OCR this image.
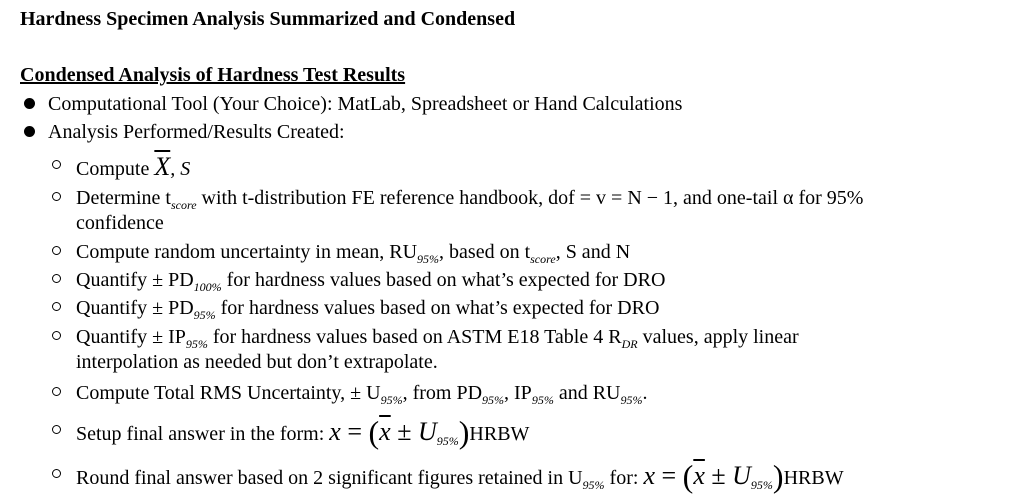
Hardness Specimen Analysis Summarized and Condensed
Condensed Analysis of Hardness Test Results
Computational Tool (Your Choice): MatLab, Spreadsheet or Hand Calculations
Analysis Performed/Results Created:
Compute $\overline{X}$, S
Determine $t_{score}$ with t-distribution FE reference handbook, dof = v = N − 1, and one-tail α for 95%
confidence
Compute random uncertainty in mean, $RU_{95\%}$, based on $t_{score}$, S and N
Quantify ± $PD_{100\%}$ for hardness values based on what’s expected for DRO
Quantify ± $PD_{95\%}$ for hardness values based on what’s expected for DRO
Quantify ± $IP_{95\%}$ for hardness values based on ASTM E18 Table 4 $R_{DR}$ values, apply linear
interpolation as needed but don’t extrapolate.
Compute Total RMS Uncertainty, ± $U_{95\%}$, from $PD_{95\%}$, $IP_{95\%}$ and $RU_{95\%}$.
Setup final answer in the form: $x = (\overline{x}$ ± $U_{95\%})HRBW$
Round final answer based on 2 significant figures retained in $U_{95\%}$ for: $x = (\overline{x}$ ± $U_{95\%})HRBW$
